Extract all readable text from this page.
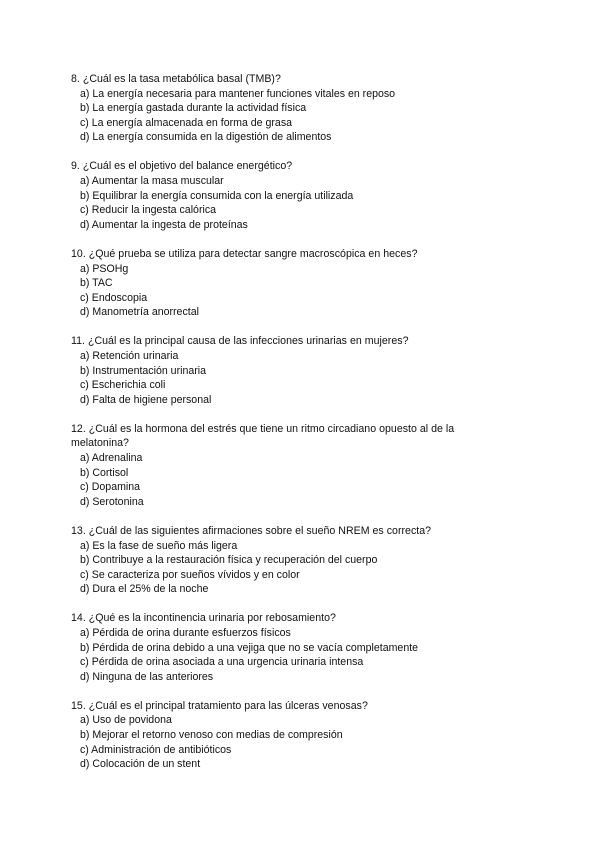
8. ¿Cuál es la tasa metabólica basal (TMB)?

a) La energía necesaria para mantener funciones vitales en reposo
b) La energía gastada durante la actividad física
c) La energía almacenada en forma de grasa
d) La energía consumida en la digestión de alimentos

9. ¿Cuál es el objetivo del balance energético?

a) Aumentar la masa muscular
b) Equilibrar la energía consumida con la energía utilizada
c) Reducir la ingesta calórica
d) Aumentar la ingesta de proteínas

10. ¿Qué prueba se utiliza para detectar sangre macroscópica en heces?

a) PSOHg
b) TAC
c) Endoscopia
d) Manometría anorrectal

11. ¿Cuál es la principal causa de las infecciones urinarias en mujeres?

a) Retención urinaria
b) Instrumentación urinaria
c) Escherichia coli
d) Falta de higiene personal

12. ¿Cuál es la hormona del estrés que tiene un ritmo circadiano opuesto al de la melatonina?

a) Adrenalina
b) Cortisol
c) Dopamina
d) Serotonina

13. ¿Cuál de las siguientes afirmaciones sobre el sueño NREM es correcta?

a) Es la fase de sueño más ligera
b) Contribuye a la restauración física y recuperación del cuerpo
c) Se caracteriza por sueños vívidos y en color
d) Dura el 25% de la noche

14. ¿Qué es la incontinencia urinaria por rebosamiento?

a) Pérdida de orina durante esfuerzos físicos
b) Pérdida de orina debido a una vejiga que no se vacía completamente
c) Pérdida de orina asociada a una urgencia urinaria intensa
d) Ninguna de las anteriores

15. ¿Cuál es el principal tratamiento para las úlceras venosas?

a) Uso de povidona
b) Mejorar el retorno venoso con medias de compresión
c) Administración de antibióticos
d) Colocación de un stent
